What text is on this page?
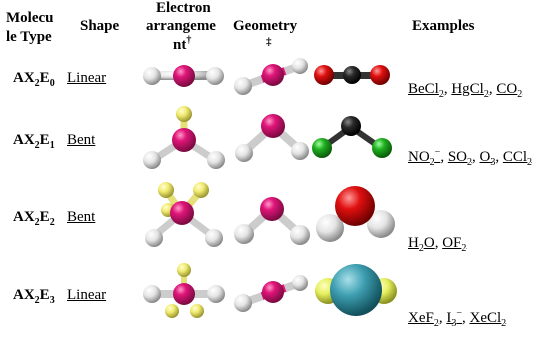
Molecu
le Type
Shape
Electron
arrangeme
nt†
Geometry
‡
Examples
$AX_2E_0$ Linear
$AX_2E_1$ Bent
$AX_2E_2$ Bent
$AX_2E_3$ Linear
BeCl$_2$, HgCl$_2$, $CO_2$
$NO_2^-$, $SO_2$, $O_3$, CCl$_2$
$H_2O$, $OF_2$
XeF$_2$, $I_3^-$, XeCl$_2$
